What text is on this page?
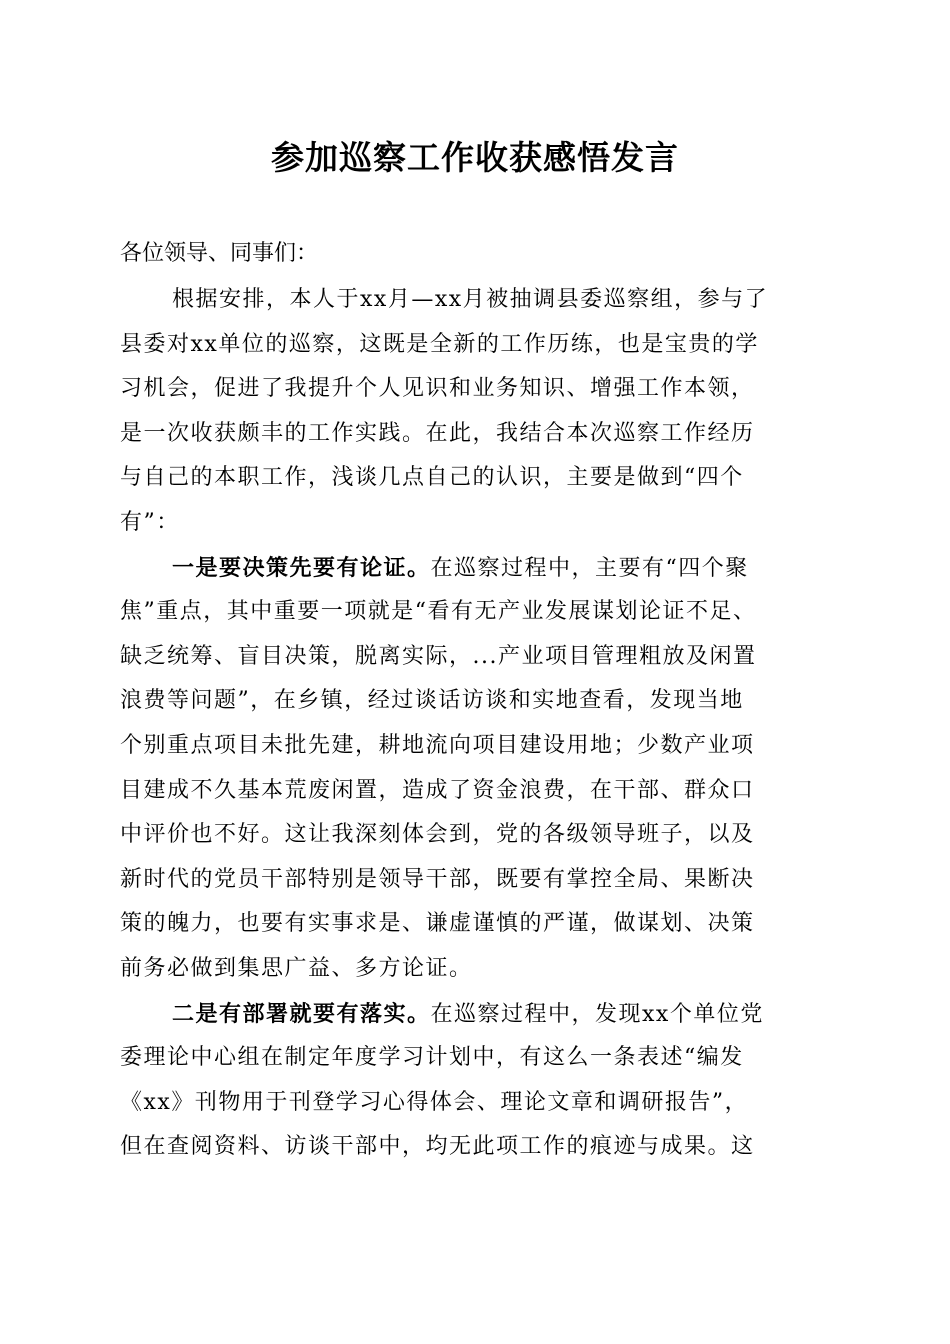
参加巡察工作收获感悟发言

各位领导、同事们：

根据安排，本人于xx月—xx月被抽调县委巡察组，参与了
县委对xx单位的巡察，这既是全新的工作历练，也是宝贵的学
习机会，促进了我提升个人见识和业务知识、增强工作本领，
是一次收获颇丰的工作实践。在此，我结合本次巡察工作经历
与自己的本职工作，浅谈几点自己的认识，主要是做到“四个
有”：
一是要决策先要有论证。在巡察过程中，主要有“四个聚
焦”重点，其中重要一项就是“看有无产业发展谋划论证不足、
缺乏统筹、盲目决策，脱离实际，...产业项目管理粗放及闲置
浪费等问题”，在乡镇，经过谈话访谈和实地查看，发现当地
个别重点项目未批先建，耕地流向项目建设用地；少数产业项
目建成不久基本荒废闲置，造成了资金浪费，在干部、群众口
中评价也不好。这让我深刻体会到，党的各级领导班子，以及
新时代的党员干部特别是领导干部，既要有掌控全局、果断决
策的魄力，也要有实事求是、谦虚谨慎的严谨，做谋划、决策
前务必做到集思广益、多方论证。
二是有部署就要有落实。在巡察过程中，发现xx个单位党
委理论中心组在制定年度学习计划中，有这么一条表述“编发
《xx》刊物用于刊登学习心得体会、理论文章和调研报告”，
但在查阅资料、访谈干部中，均无此项工作的痕迹与成果。这
